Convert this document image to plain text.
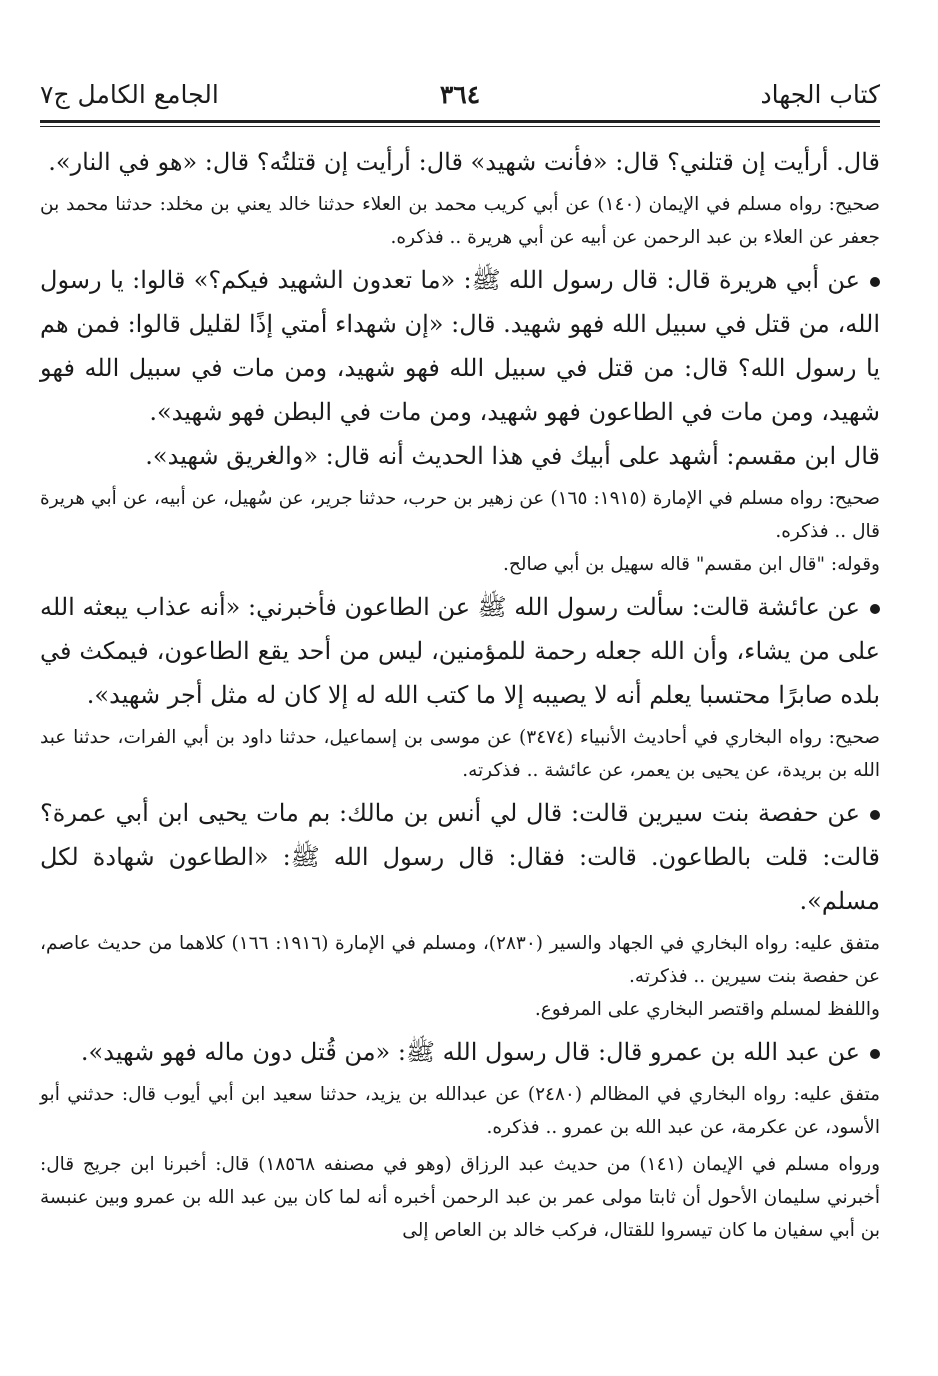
كتاب الجهاد
٣٦٤
الجامع الكامل ج٧

قال. أرأيت إن قتلني؟ قال: «فأنت شهيد» قال: أرأيت إن قتلتُه؟ قال: «هو في النار».

صحيح: رواه مسلم في الإيمان (١٤٠) عن أبي كريب محمد بن العلاء حدثنا خالد يعني بن مخلد: حدثنا محمد بن جعفر عن العلاء بن عبد الرحمن عن أبيه عن أبي هريرة .. فذكره.

عن أبي هريرة قال: قال رسول الله ﷺ: «ما تعدون الشهيد فيكم؟» قالوا: يا رسول الله، من قتل في سبيل الله فهو شهيد. قال: «إن شهداء أمتي إذًا لقليل قالوا: فمن هم يا رسول الله؟ قال: من قتل في سبيل الله فهو شهيد، ومن مات في سبيل الله فهو شهيد، ومن مات في الطاعون فهو شهيد، ومن مات في البطن فهو شهيد».

قال ابن مقسم: أشهد على أبيك في هذا الحديث أنه قال: «والغريق شهيد».

صحيح: رواه مسلم في الإمارة (١٩١٥: ١٦٥) عن زهير بن حرب، حدثنا جرير، عن سُهيل، عن أبيه، عن أبي هريرة قال .. فذكره.

وقوله: "قال ابن مقسم" قاله سهيل بن أبي صالح.

عن عائشة قالت: سألت رسول الله ﷺ عن الطاعون فأخبرني: «أنه عذاب يبعثه الله على من يشاء، وأن الله جعله رحمة للمؤمنين، ليس من أحد يقع الطاعون، فيمكث في بلده صابرًا محتسبا يعلم أنه لا يصيبه إلا ما كتب الله له إلا كان له مثل أجر شهيد».

صحيح: رواه البخاري في أحاديث الأنبياء (٣٤٧٤) عن موسى بن إسماعيل، حدثنا داود بن أبي الفرات، حدثنا عبد الله بن بريدة، عن يحيى بن يعمر، عن عائشة .. فذكرته.

عن حفصة بنت سيرين قالت: قال لي أنس بن مالك: بم مات يحيى ابن أبي عمرة؟ قالت: قلت بالطاعون. قالت: فقال: قال رسول الله ﷺ: «الطاعون شهادة لكل مسلم».

متفق عليه: رواه البخاري في الجهاد والسير (٢٨٣٠)، ومسلم في الإمارة (١٩١٦: ١٦٦) كلاهما من حديث عاصم، عن حفصة بنت سيرين .. فذكرته.

واللفظ لمسلم واقتصر البخاري على المرفوع.

عن عبد الله بن عمرو قال: قال رسول الله ﷺ: «من قُتل دون ماله فهو شهيد».

متفق عليه: رواه البخاري في المظالم (٢٤٨٠) عن عبدالله بن يزيد، حدثنا سعيد ابن أبي أيوب قال: حدثني أبو الأسود، عن عكرمة، عن عبد الله بن عمرو .. فذكره.

ورواه مسلم في الإيمان (١٤١) من حديث عبد الرزاق (وهو في مصنفه ١٨٥٦٨) قال: أخبرنا ابن جريج قال: أخبرني سليمان الأحول أن ثابتا مولى عمر بن عبد الرحمن أخبره أنه لما كان بين عبد الله بن عمرو وبين عنبسة بن أبي سفيان ما كان تيسروا للقتال، فركب خالد بن العاص إلى
